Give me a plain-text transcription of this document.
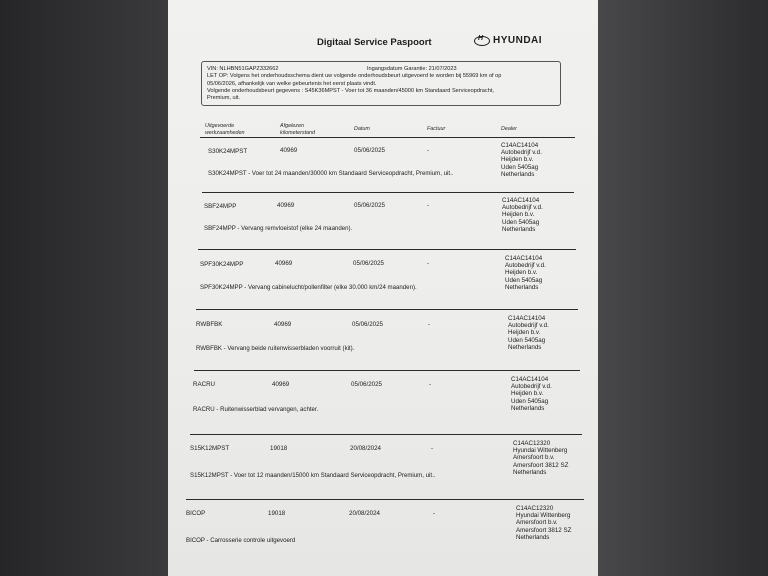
Digitaal Service Paspoort
H	HYUNDAI
VIN: NLHBN51GAPZ332662	Ingangsdatum Garantie: 21/07/2023

LET OP: Volgens het onderhoudsschema dient uw volgende onderhoudsbeurt uitgevoerd te worden bij 55969 km of op

05/06/2026, afhankelijk van welke gebeurtenis het eerst plaats vindt.

Volgende onderhoudsbeurt gegevens : S45K36MPST - Voer tot 36 maanden/45000 km Standaard Serviceopdracht,

Premium, uit.

Uitgevoerde
werkzaamheden
Afgelezen
kilometerstand
Datum	Factuur	Dealer
S30K24MPST	40969	05/06/2025	-
C14AC14104
Autobedrijf v.d.
Heijden b.v.
Uden 5405ag
Netherlands
S30K24MPST - Voer tot 24 maanden/30000 km Standaard Serviceopdracht, Premium, uit..
SBF24MPP	40969	05/06/2025	-
C14AC14104
Autobedrijf v.d.
Heijden b.v.
Uden 5405ag
Netherlands
SBF24MPP - Vervang remvloeistof (elke 24 maanden).
SPF30K24MPP	40969	05/06/2025	-
C14AC14104
Autobedrijf v.d.
Heijden b.v.
Uden 5405ag
Netherlands
SPF30K24MPP - Vervang cabinelucht/pollenfilter (elke 30.000 km/24 maanden).
RWBFBK	40969	05/06/2025	-
C14AC14104
Autobedrijf v.d.
Heijden b.v.
Uden 5405ag
Netherlands
RWBFBK - Vervang beide ruitenwisserbladen voorruit (kit).
RACRU	40969	05/06/2025	-
C14AC14104
Autobedrijf v.d.
Heijden b.v.
Uden 5405ag
Netherlands
RACRU - Ruitenwisserblad vervangen, achter.
S15K12MPST	19018	20/08/2024	-
C14AC12320
Hyundai Wittenberg
Amersfoort b.v.
Amersfoort 3812 SZ
Netherlands
S15K12MPST - Voer tot 12 maanden/15000 km Standaard Serviceopdracht, Premium, uit..
BICOP	19018	20/08/2024	-
C14AC12320
Hyundai Wittenberg
Amersfoort b.v.
Amersfoort 3812 SZ
Netherlands
BICOP - Carrosserie controle uitgevoerd
